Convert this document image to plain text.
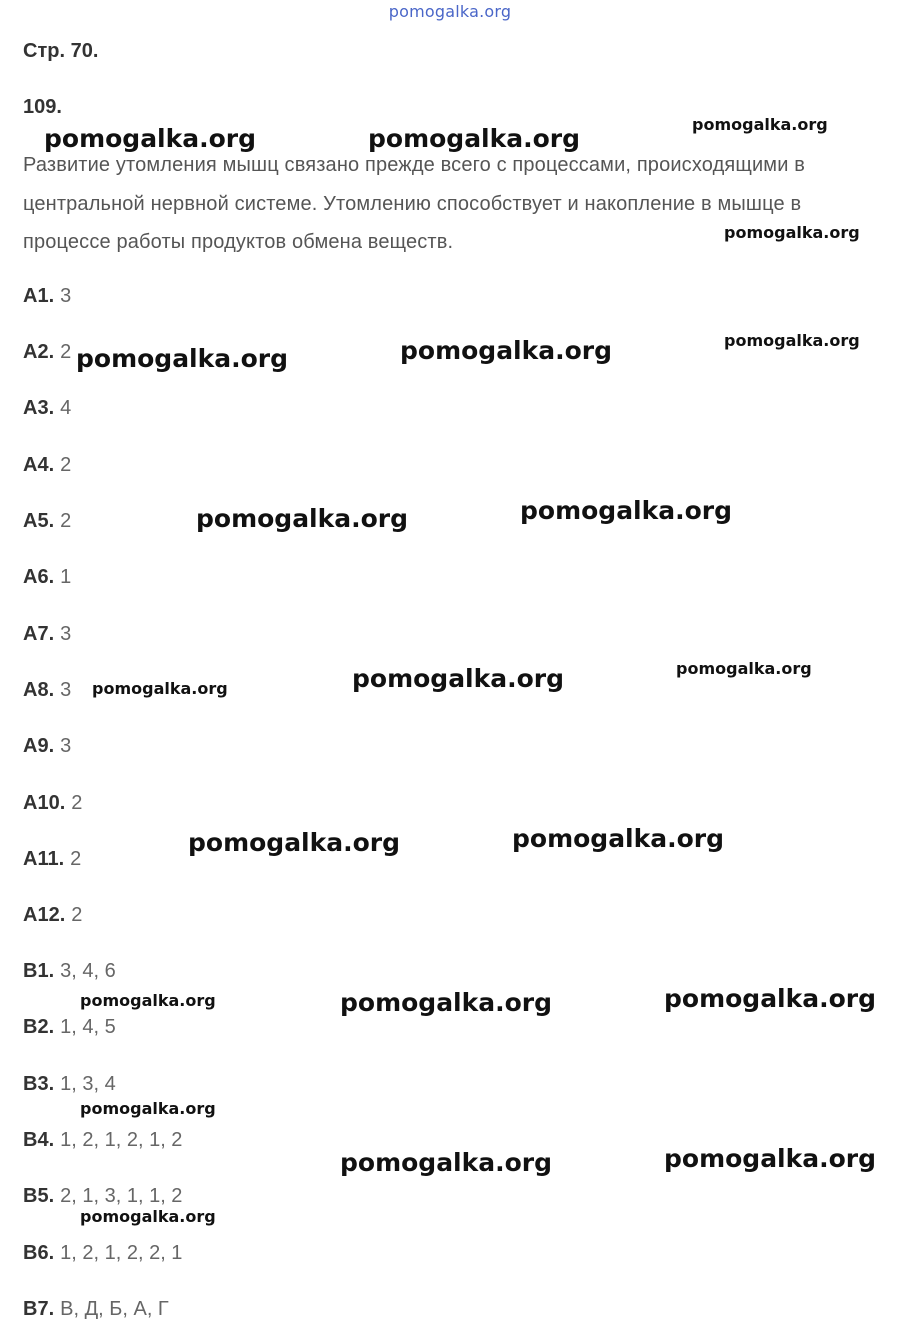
pomogalka.org
Стр. 70.
109.
Развитие утомления мышц связано прежде всего с процессами, происходящими в центральной нервной системе. Утомлению способствует и накопление в мышце в процессе работы продуктов обмена веществ.
А1. 3
А2. 2
А3. 4
А4. 2
А5. 2
А6. 1
А7. 3
А8. 3
А9. 3
А10. 2
А11. 2
А12. 2
В1. 3, 4, 6
В2. 1, 4, 5
В3. 1, 3, 4
В4. 1, 2, 1, 2, 1, 2
В5. 2, 1, 3, 1, 1, 2
В6. 1, 2, 1, 2, 2, 1
В7. В, Д, Б, А, Г
pomogalka.org	pomogalka.org	pomogalka.org
pomogalka.org
pomogalka.org	pomogalka.org	pomogalka.org
pomogalka.org	pomogalka.org
pomogalka.org
pomogalka.org	pomogalka.org
pomogalka.org	pomogalka.org
pomogalka.org	pomogalka.org	pomogalka.org
pomogalka.org
pomogalka.org	pomogalka.org
pomogalka.org
